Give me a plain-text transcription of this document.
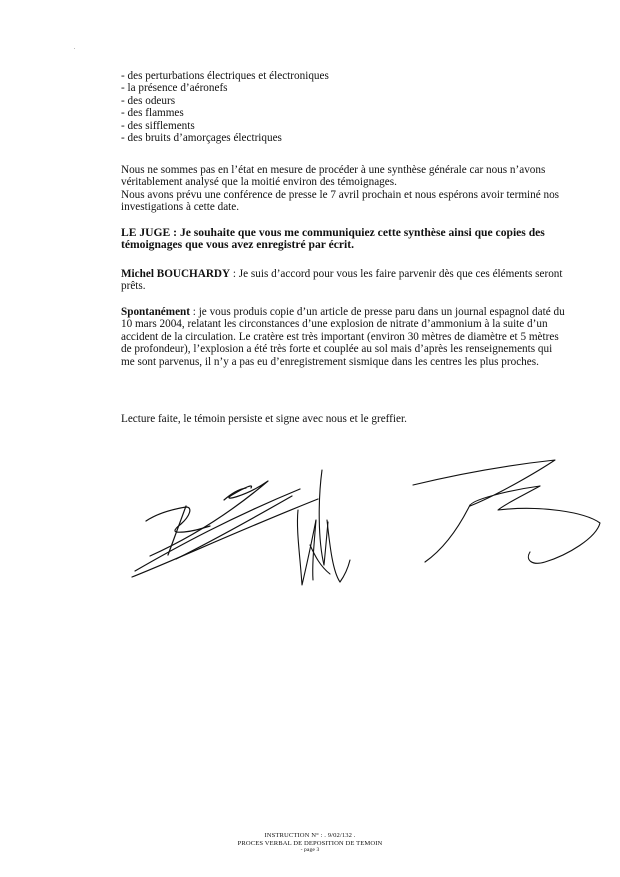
- des perturbations électriques et électroniques
- la présence d’aéronefs
- des odeurs
- des flammes
- des sifflements
- des bruits d’amorçages électriques
Nous ne sommes pas en l’état en mesure de procéder à une synthèse générale car nous n’avons
véritablement analysé que la moitié environ des témoignages.
Nous avons prévu une conférence de presse le 7 avril prochain et nous espérons avoir terminé nos
investigations à cette date.
LE JUGE : Je souhaite que vous me communiquiez cette synthèse ainsi que copies des
témoignages que vous avez enregistré par écrit.
Michel BOUCHARDY : Je suis d’accord pour vous les faire parvenir dès que ces éléments seront
prêts.
Spontanément : je vous produis copie d’un article de presse paru dans un journal espagnol daté du
10 mars 2004, relatant les circonstances d’une explosion de nitrate d’ammonium à la suite d’un
accident de la circulation. Le cratère est très important (environ 30 mètres de diamètre et 5 mètres
de profondeur), l’explosion a été très forte et couplée au sol mais d’après les renseignements qui
me sont parvenus, il n’y a pas eu d’enregistrement sismique dans les centres les plus proches.
Lecture faite, le témoin persiste et signe avec nous et le greffier.
INSTRUCTION N° : . 9/02/132 .
PROCES VERBAL DE DEPOSITION DE TEMOIN
- page 3
